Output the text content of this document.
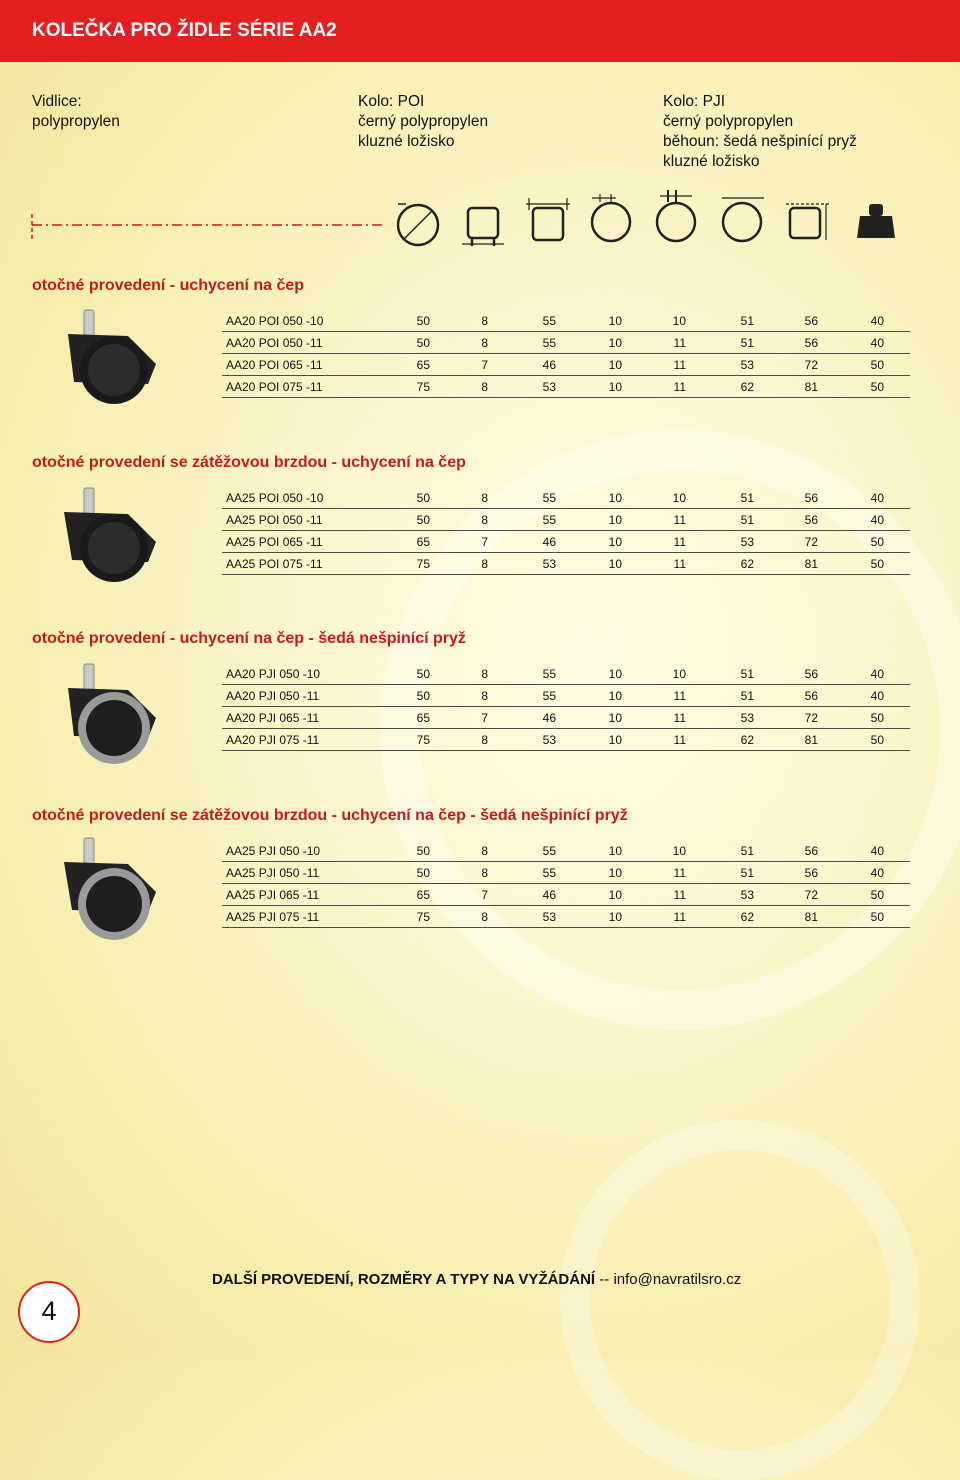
KOLEČKA PRO ŽIDLE SÉRIE AA2
Vidlice:
polypropylen
Kolo: POI
černý polypropylen
kluzné ložisko
Kolo: PJI
černý polypropylen
běhoun: šedá nešpinící pryž
kluzné ložisko
otočné provedení - uchycení na čep
AA20 POI 050 -10	50	8	55	10	10	51	56	40
AA20 POI 050 -11	50	8	55	10	11	51	56	40
AA20 POI 065 -11	65	7	46	10	11	53	72	50
AA20 POI 075 -11	75	8	53	10	11	62	81	50
otočné provedení se zátěžovou brzdou - uchycení na čep
AA25 POI 050 -10	50	8	55	10	10	51	56	40
AA25 POI 050 -11	50	8	55	10	11	51	56	40
AA25 POI 065 -11	65	7	46	10	11	53	72	50
AA25 POI 075 -11	75	8	53	10	11	62	81	50
otočné provedení - uchycení na čep - šedá nešpinící pryž
AA20 PJI 050 -10	50	8	55	10	10	51	56	40
AA20 PJI 050 -11	50	8	55	10	11	51	56	40
AA20 PJI 065 -11	65	7	46	10	11	53	72	50
AA20 PJI 075 -11	75	8	53	10	11	62	81	50
otočné provedení se zátěžovou brzdou - uchycení na čep - šedá nešpinící pryž
AA25 PJI 050 -10	50	8	55	10	10	51	56	40
AA25 PJI 050 -11	50	8	55	10	11	51	56	40
AA25 PJI 065 -11	65	7	46	10	11	53	72	50
AA25 PJI 075 -11	75	8	53	10	11	62	81	50
DALŠÍ PROVEDENÍ, ROZMĚRY A TYPY NA VYŽÁDÁNÍ -- info@navratilsro.cz
4
